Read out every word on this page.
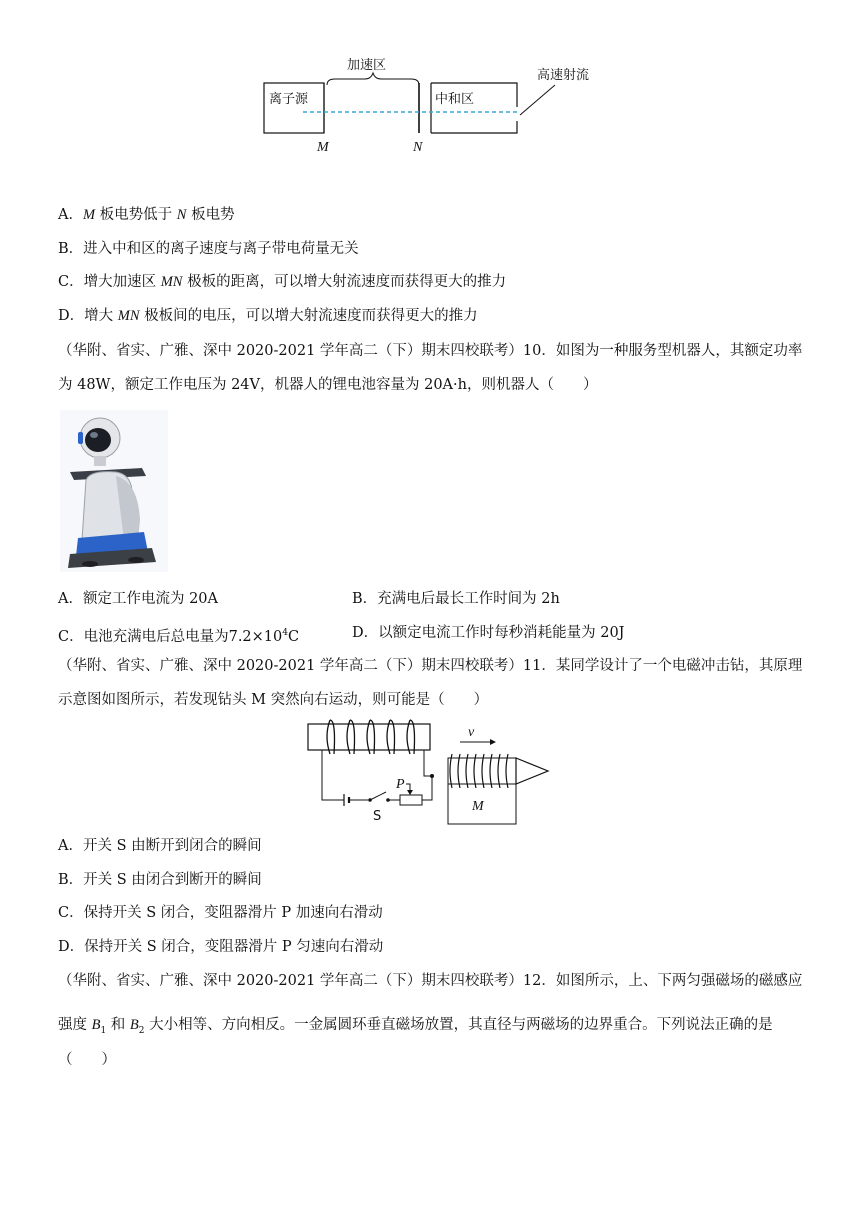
离子源	中和区
加速区
高速射流
M	N
A．M 板电势低于 N 板电势
B．进入中和区的离子速度与离子带电荷量无关
C．增大加速区 MN 极板的距离，可以增大射流速度而获得更大的推力
D．增大 MN 极板间的电压，可以增大射流速度而获得更大的推力
（华附、省实、广雅、深中 2020-2021 学年高二（下）期末四校联考）10．如图为一种服务型机器人，其额定功率
为 48W，额定工作电压为 24V，机器人的锂电池容量为 20A·h，则机器人（　　）
A．额定工作电流为 20A	B．充满电后最长工作时间为 2h
C．电池充满电后总电量为$7.2\times 10^4C$	D．以额定电流工作时每秒消耗能量为 20J
（华附、省实、广雅、深中 2020-2021 学年高二（下）期末四校联考）11．某同学设计了一个电磁冲击钻，其原理
示意图如图所示，若发现钻头 M 突然向右运动，则可能是（　　）
S
P
M
v
A．开关 S 由断开到闭合的瞬间
B．开关 S 由闭合到断开的瞬间
C．保持开关 S 闭合，变阻器滑片 P 加速向右滑动
D．保持开关 S 闭合，变阻器滑片 P 匀速向右滑动
（华附、省实、广雅、深中 2020-2021 学年高二（下）期末四校联考）12．如图所示，上、下两匀强磁场的磁感应
强度 $B_1$ 和 $B_2$ 大小相等、方向相反。一金属圆环垂直磁场放置，其直径与两磁场的边界重合。下列说法正确的是
（　　）
